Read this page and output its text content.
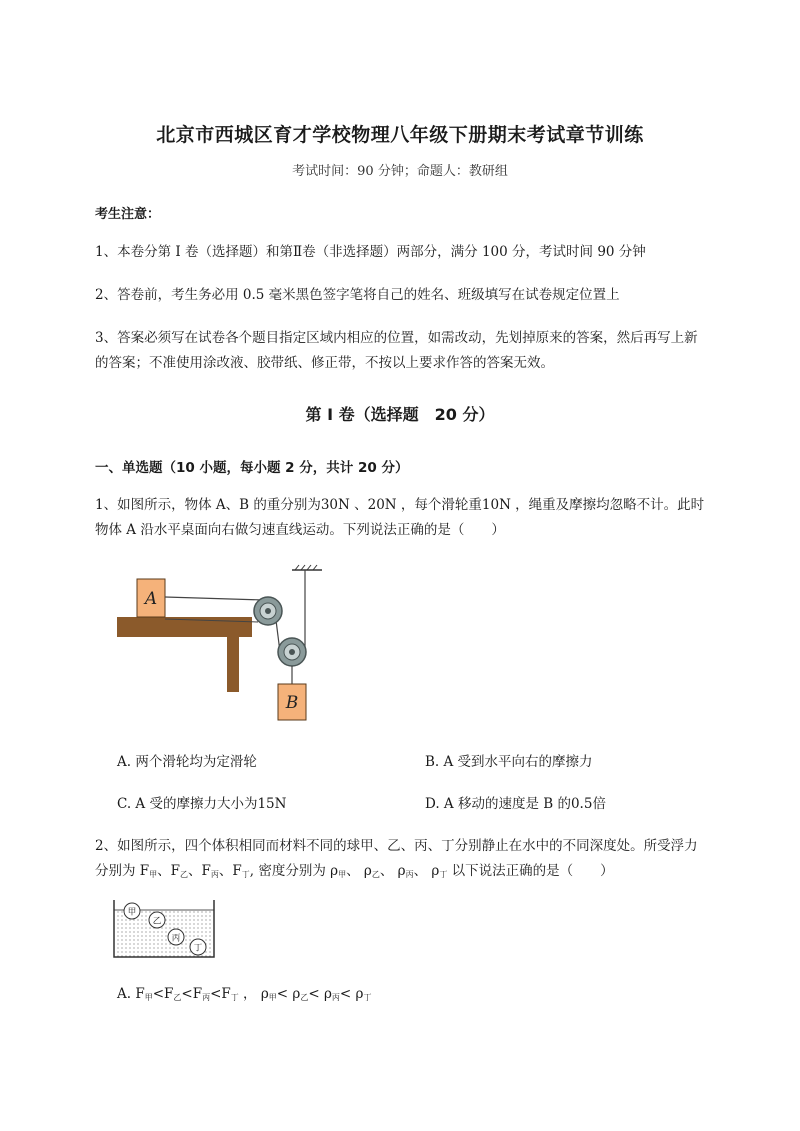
北京市西城区育才学校物理八年级下册期末考试章节训练
考试时间：90 分钟；命题人：教研组
考生注意：
1、本卷分第 I 卷（选择题）和第Ⅱ卷（非选择题）两部分，满分 100 分，考试时间 90 分钟
2、答卷前，考生务必用 0.5 毫米黑色签字笔将自己的姓名、班级填写在试卷规定位置上
3、答案必须写在试卷各个题目指定区域内相应的位置，如需改动，先划掉原来的答案，然后再写上新
的答案；不准使用涂改液、胶带纸、修正带，不按以上要求作答的答案无效。
第 I 卷（选择题　20 分）
一、单选题（10 小题，每小题 2 分，共计 20 分）
1、如图所示，物体 A、B 的重分别为30N 、20N ，每个滑轮重10N ，绳重及摩擦均忽略不计。此时
物体 A 沿水平桌面向右做匀速直线运动。下列说法正确的是（　　）
A
B
A. 两个滑轮均为定滑轮	B. A 受到水平向右的摩擦力
C. A 受的摩擦力大小为15N	D. A 移动的速度是 B 的0.5倍
2、如图所示，四个体积相同而材料不同的球甲、乙、丙、丁分别静止在水中的不同深度处。所受浮力
分别为 $F_甲$、$F_乙$、$F_丙$、$F_丁$, 密度分别为 $\rho_甲$、 $\rho_乙$、 $\rho_丙$、 $\rho_丁$ 以下说法正确的是（　　）
甲
乙
丙
丁
A. $F_甲<F_乙<F_丙<F_丁$ ， $\rho_甲< \rho_乙< \rho_丙< \rho_丁$
